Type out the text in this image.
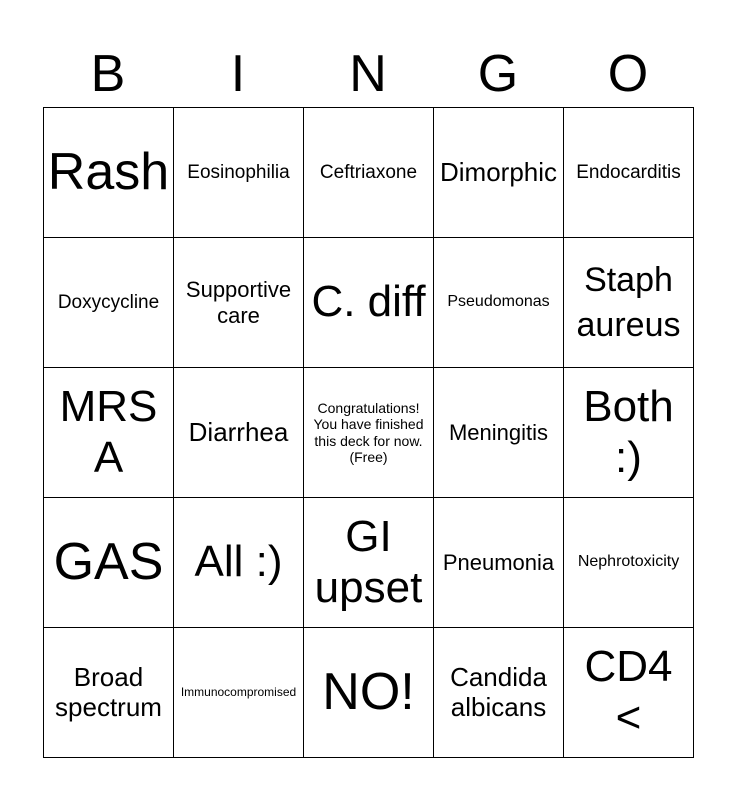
B	I	N	G	O
Rash	Eosinophilia	Ceftriaxone	Dimorphic	Endocarditis
Doxycycline	Supportive care	C. diff	Pseudomonas	Staph aureus
MRSA	Diarrhea	Congratulations! You have finished this deck for now. (Free)	Meningitis	Both :)
GAS	All :)	GI upset	Pneumonia	Nephrotoxicity
Broad spectrum	Immunocompromised	NO!	Candida albicans	CD4 <
